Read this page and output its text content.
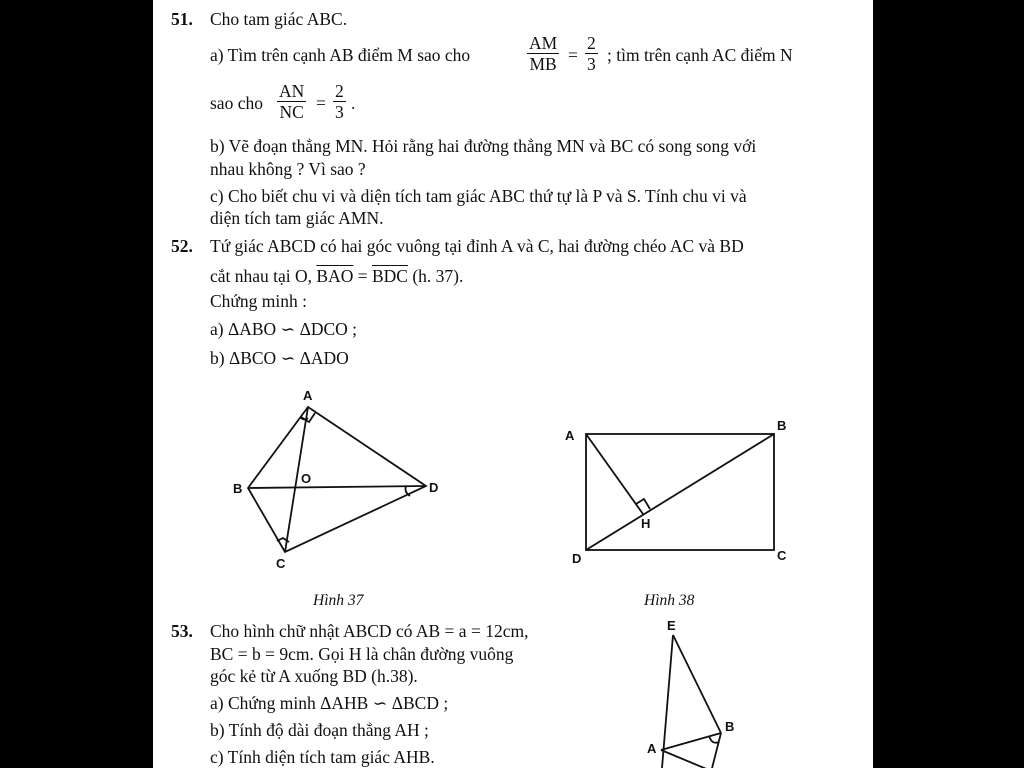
51. Cho tam giác ABC.
a) Tìm trên cạnh AB điểm M sao cho	$\frac{AM}{MB} = \frac{2}{3}$ ; tìm trên cạnh AC điểm N
sao cho $\frac{AN}{NC} = \frac{2}{3}$ .
b) Vẽ đoạn thẳng MN. Hỏi rằng hai đường thẳng MN và BC có song song với
nhau không ? Vì sao ?
c) Cho biết chu vi và diện tích tam giác ABC thứ tự là P và S. Tính chu vi và
diện tích tam giác AMN.
52. Tứ giác ABCD có hai góc vuông tại đỉnh A và C, hai đường chéo AC và BD
cắt nhau tại O, $\overline{BAO} = \overline{BDC}$ (h. 37).
Chứng minh :
a) ΔABO ∽ ΔDCO ;
b) ΔBCO ∽ ΔADO
A
B
C
D
O
Hình 37
A
B
C
D
H
Hình 38
53. Cho hình chữ nhật ABCD có AB = a = 12cm,
BC = b = 9cm. Gọi H là chân đường vuông
góc kẻ từ A xuống BD (h.38).
a) Chứng minh ΔAHB ∽ ΔBCD ;
b) Tính độ dài đoạn thẳng AH ;
c) Tính diện tích tam giác AHB.
E
B
A
